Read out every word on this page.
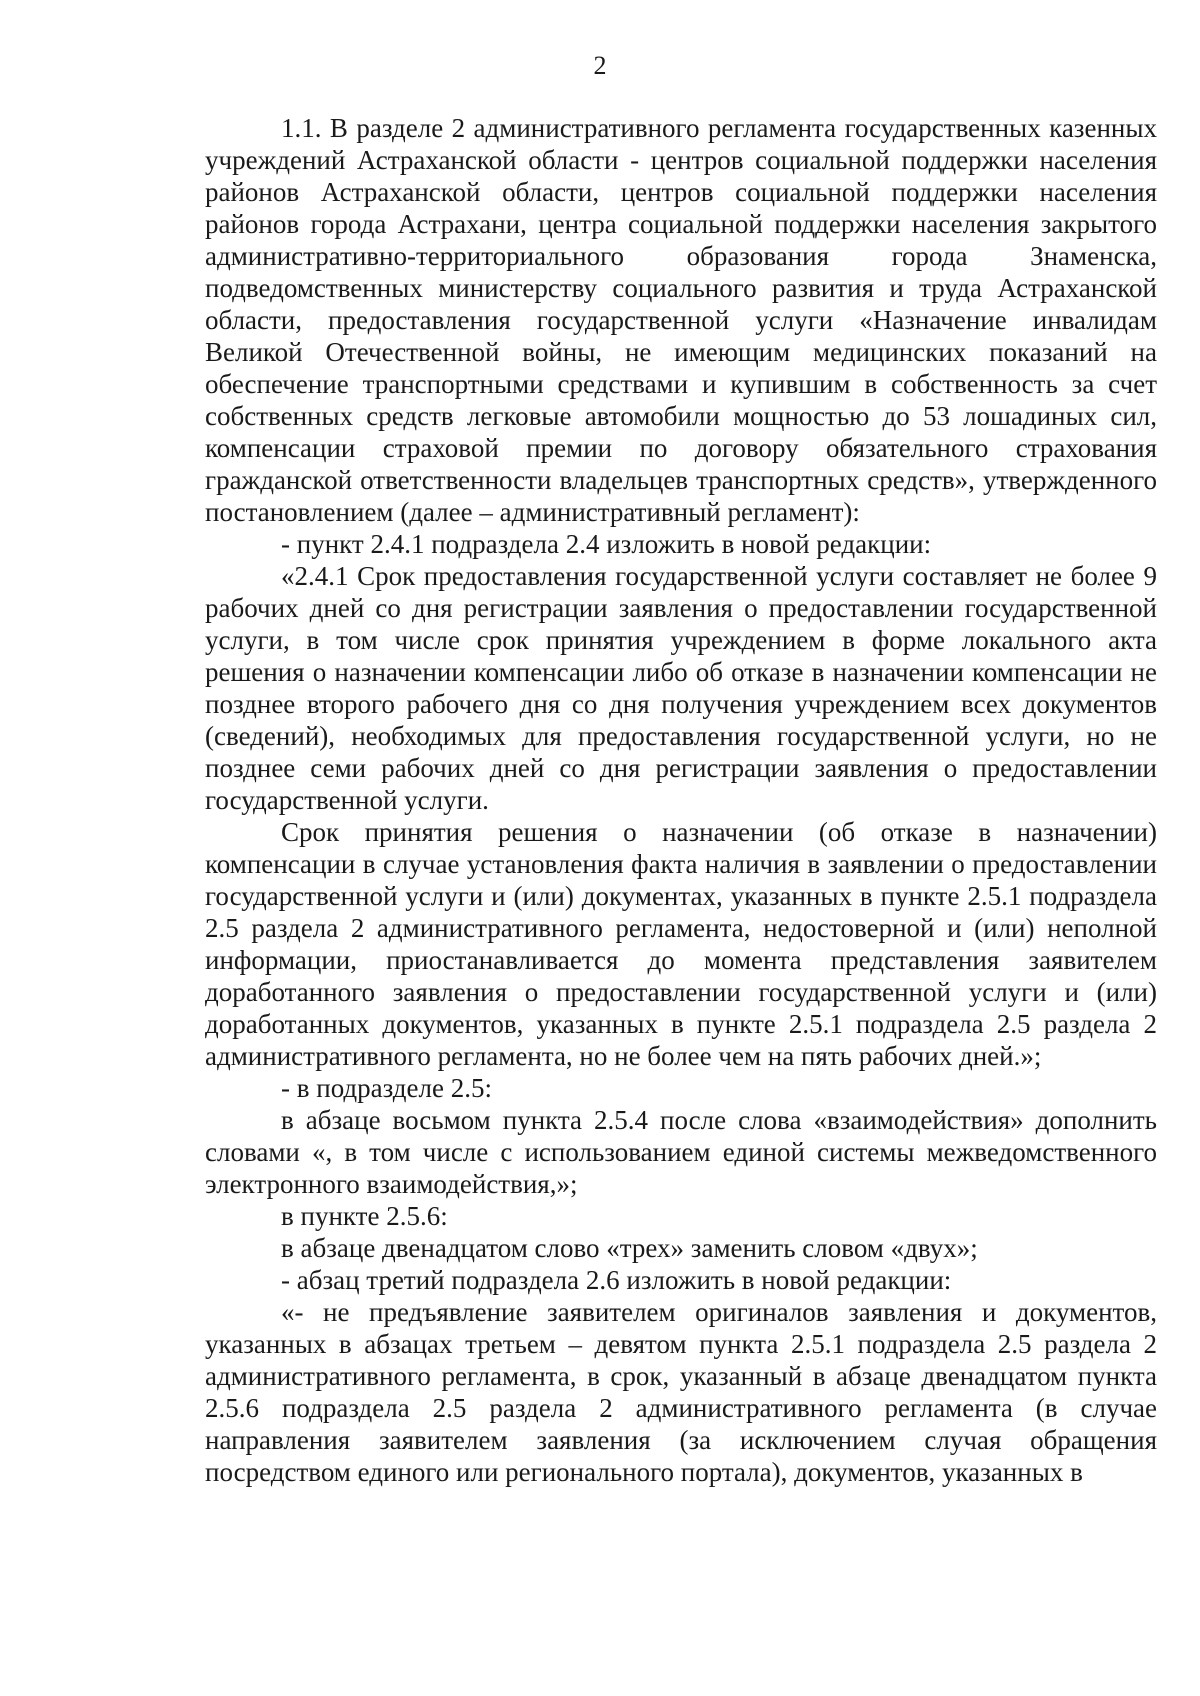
2

1.1. В разделе 2 административного регламента государственных казенных учреждений Астраханской области - центров социальной поддержки населения районов Астраханской области, центров социальной поддержки населения районов города Астрахани, центра социальной поддержки населения закрытого административно-территориального образования города Знаменска, подведомственных министерству социального развития и труда Астраханской области, предоставления государственной услуги «Назначение инвалидам Великой Отечественной войны, не имеющим медицинских показаний на обеспечение транспортными средствами и купившим в собственность за счет собственных средств легковые автомобили мощностью до 53 лошадиных сил, компенсации страховой премии по договору обязательного страхования гражданской ответственности владельцев транспортных средств», утвержденного постановлением (далее – административный регламент):

- пункт 2.4.1 подраздела 2.4 изложить в новой редакции:

«2.4.1 Срок предоставления государственной услуги составляет не более 9 рабочих дней со дня регистрации заявления о предоставлении государственной услуги, в том числе срок принятия учреждением в форме локального акта решения о назначении компенсации либо об отказе в назначении компенсации не позднее второго рабочего дня со дня получения учреждением всех документов (сведений), необходимых для предоставления государственной услуги, но не позднее семи рабочих дней со дня регистрации заявления о предоставлении государственной услуги.

Срок принятия решения о назначении (об отказе в назначении) компенсации в случае установления факта наличия в заявлении о предоставлении государственной услуги и (или) документах, указанных в пункте 2.5.1 подраздела 2.5 раздела 2 административного регламента, недостоверной и (или) неполной информации, приостанавливается до момента представления заявителем доработанного заявления о предоставлении государственной услуги и (или) доработанных документов, указанных в пункте 2.5.1 подраздела 2.5 раздела 2 административного регламента, но не более чем на пять рабочих дней.»;

- в подразделе 2.5:

в абзаце восьмом пункта 2.5.4 после слова «взаимодействия» дополнить словами «, в том числе с использованием единой системы межведомственного электронного взаимодействия,»;

в пункте 2.5.6:

в абзаце двенадцатом слово «трех» заменить словом «двух»;

- абзац третий подраздела 2.6 изложить в новой редакции:

«- не предъявление заявителем оригиналов заявления и документов, указанных в абзацах третьем – девятом пункта 2.5.1 подраздела 2.5 раздела 2 административного регламента, в срок, указанный в абзаце двенадцатом пункта 2.5.6 подраздела 2.5 раздела 2 административного регламента (в случае направления заявителем заявления (за исключением случая обращения посредством единого или регионального портала), документов, указанных в
